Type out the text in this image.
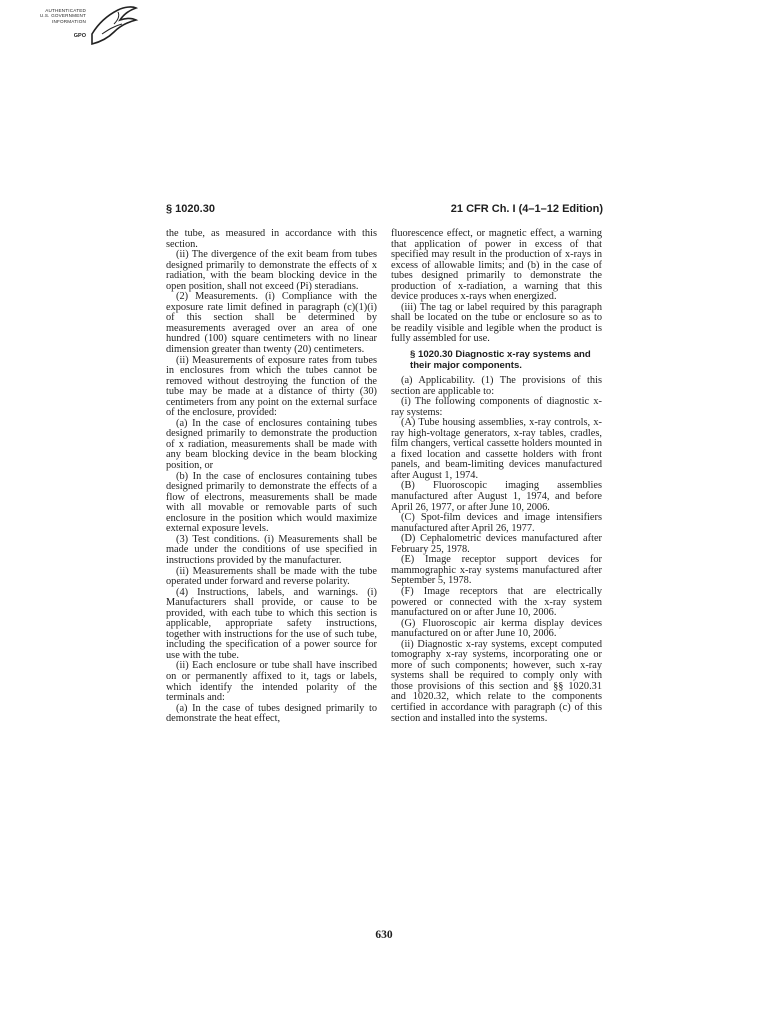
AUTHENTICATED
U.S. GOVERNMENT
INFORMATION
GPO
§ 1020.30	21 CFR Ch. I (4–1–12 Edition)

the tube, as measured in accordance with this section.

(ii) The divergence of the exit beam from tubes designed primarily to demonstrate the effects of x radiation, with the beam blocking device in the open position, shall not exceed (Pi) steradians.

(2) Measurements. (i) Compliance with the exposure rate limit defined in paragraph (c)(1)(i) of this section shall be determined by measurements averaged over an area of one hundred (100) square centimeters with no linear dimension greater than twenty (20) centimeters.

(ii) Measurements of exposure rates from tubes in enclosures from which the tubes cannot be removed without destroying the function of the tube may be made at a distance of thirty (30) centimeters from any point on the external surface of the enclosure, provided:

(a) In the case of enclosures containing tubes designed primarily to demonstrate the production of x radiation, measurements shall be made with any beam blocking device in the beam blocking position, or

(b) In the case of enclosures containing tubes designed primarily to demonstrate the effects of a flow of electrons, measurements shall be made with all movable or removable parts of such enclosure in the position which would maximize external exposure levels.

(3) Test conditions. (i) Measurements shall be made under the conditions of use specified in instructions provided by the manufacturer.

(ii) Measurements shall be made with the tube operated under forward and reverse polarity.

(4) Instructions, labels, and warnings. (i) Manufacturers shall provide, or cause to be provided, with each tube to which this section is applicable, appropriate safety instructions, together with instructions for the use of such tube, including the specification of a power source for use with the tube.

(ii) Each enclosure or tube shall have inscribed on or permanently affixed to it, tags or labels, which identify the intended polarity of the terminals and:

(a) In the case of tubes designed primarily to demonstrate the heat effect,

fluorescence effect, or magnetic effect, a warning that application of power in excess of that specified may result in the production of x-rays in excess of allowable limits; and (b) in the case of tubes designed primarily to demonstrate the production of x-radiation, a warning that this device produces x-rays when energized.

(iii) The tag or label required by this paragraph shall be located on the tube or enclosure so as to be readily visible and legible when the product is fully assembled for use.

§ 1020.30 Diagnostic x-ray systems and their major components.

(a) Applicability. (1) The provisions of this section are applicable to:

(i) The following components of diagnostic x-ray systems:

(A) Tube housing assemblies, x-ray controls, x-ray high-voltage generators, x-ray tables, cradles, film changers, vertical cassette holders mounted in a fixed location and cassette holders with front panels, and beam-limiting devices manufactured after August 1, 1974.

(B) Fluoroscopic imaging assemblies manufactured after August 1, 1974, and before April 26, 1977, or after June 10, 2006.

(C) Spot-film devices and image intensifiers manufactured after April 26, 1977.

(D) Cephalometric devices manufactured after February 25, 1978.

(E) Image receptor support devices for mammographic x-ray systems manufactured after September 5, 1978.

(F) Image receptors that are electrically powered or connected with the x-ray system manufactured on or after June 10, 2006.

(G) Fluoroscopic air kerma display devices manufactured on or after June 10, 2006.

(ii) Diagnostic x-ray systems, except computed tomography x-ray systems, incorporating one or more of such components; however, such x-ray systems shall be required to comply only with those provisions of this section and §§ 1020.31 and 1020.32, which relate to the components certified in accordance with paragraph (c) of this section and installed into the systems.

630
